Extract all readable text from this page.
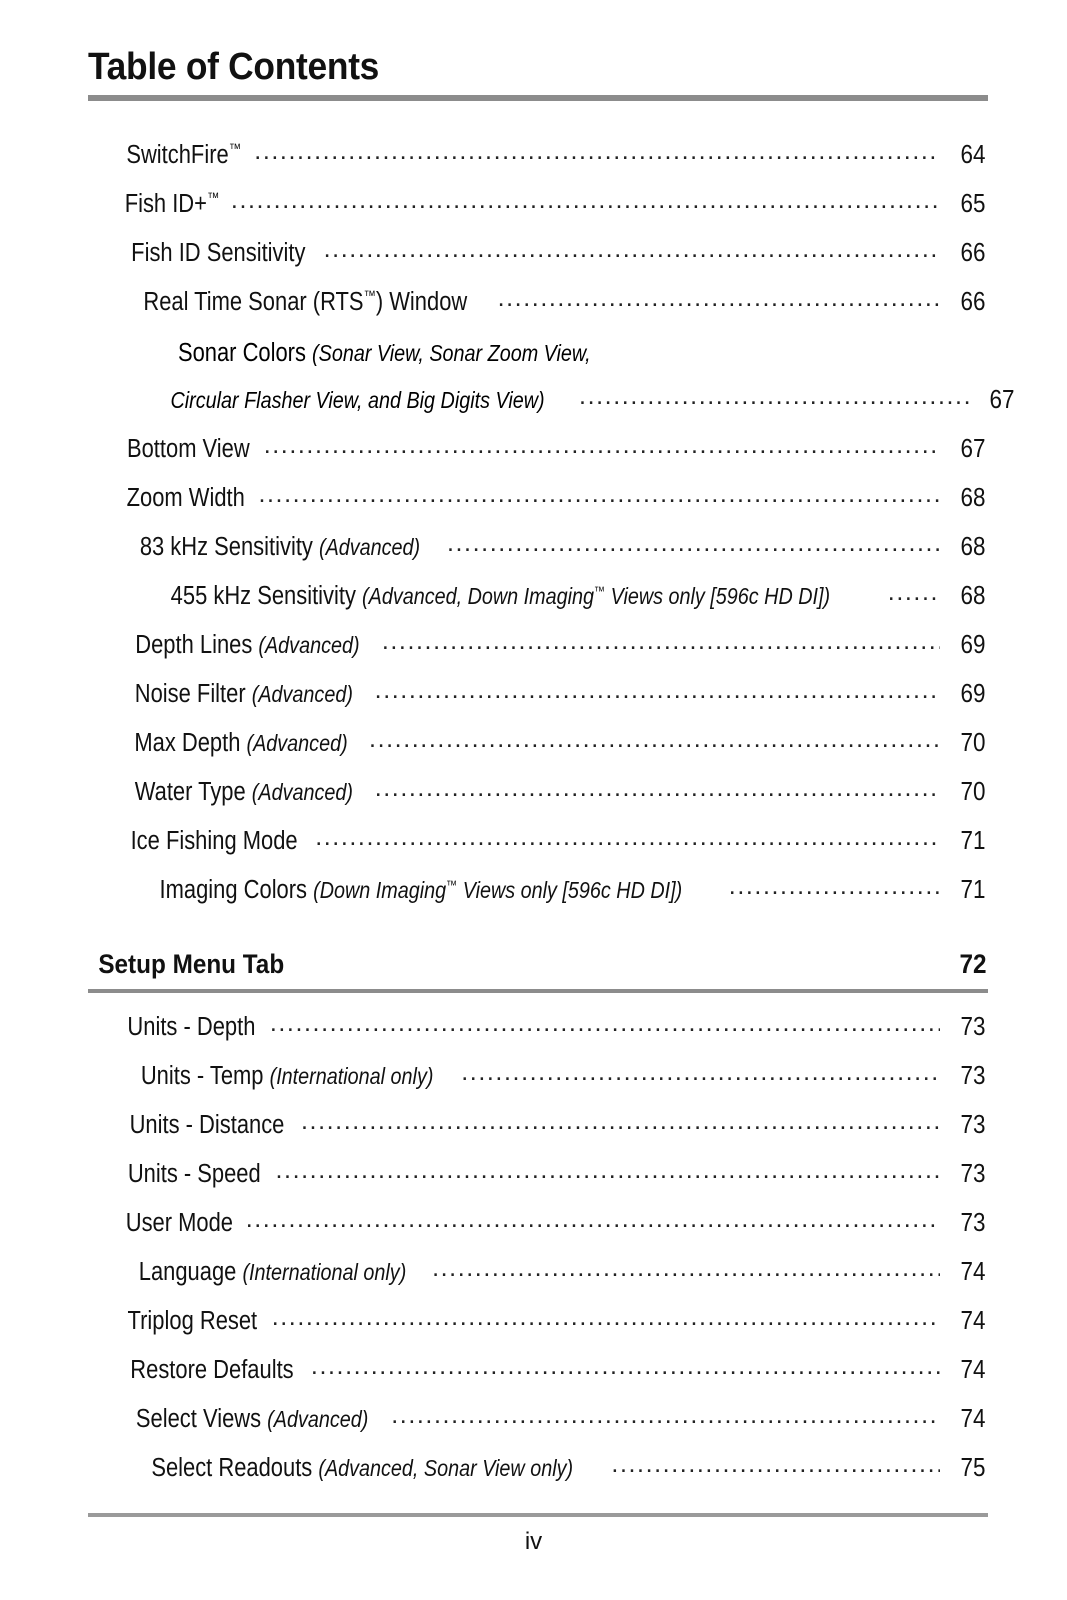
Table of Contents
SwitchFire™ .....	64
Fish ID+™ .....	65
Fish ID Sensitivity .....	66
Real Time Sonar (RTS™) Window .....	66
Sonar Colors (Sonar View, Sonar Zoom View,
Circular Flasher View, and Big Digits View) .....	67
Bottom View .....	67
Zoom Width .....	68
83 kHz Sensitivity (Advanced) .....	68
455 kHz Sensitivity (Advanced, Down Imaging™ Views only [596c HD DI]) .....	68
Depth Lines (Advanced) .....	69
Noise Filter (Advanced) .....	69
Max Depth (Advanced) .....	70
Water Type (Advanced) .....	70
Ice Fishing Mode .....	71
Imaging Colors (Down Imaging™ Views only [596c HD DI]) .....	71
Setup Menu Tab	72
Units - Depth .....	73
Units - Temp (International only) .....	73
Units - Distance .....	73
Units - Speed .....	73
User Mode .....	73
Language (International only) .....	74
Triplog Reset .....	74
Restore Defaults .....	74
Select Views (Advanced) .....	74
Select Readouts (Advanced, Sonar View only) .....	75
iv
